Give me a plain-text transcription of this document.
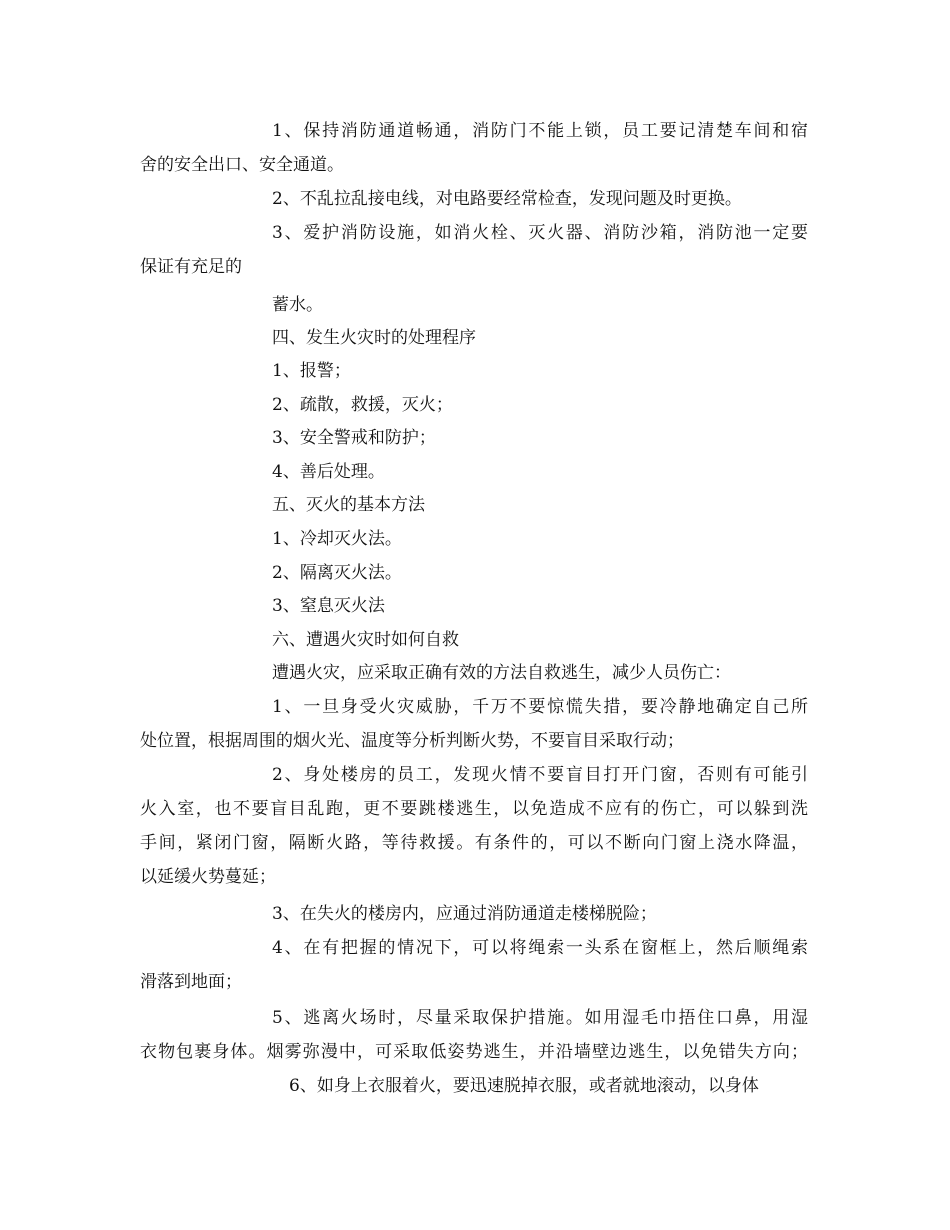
1、保持消防通道畅通，消防门不能上锁，员工要记清楚车间和宿
舍的安全出口、安全通道。
2、不乱拉乱接电线，对电路要经常检查，发现问题及时更换。
3、爱护消防设施，如消火栓、灭火器、消防沙箱，消防池一定要
保证有充足的
蓄水。
四、发生火灾时的处理程序
1、报警；
2、疏散，救援，灭火；
3、安全警戒和防护；
4、善后处理。
五、灭火的基本方法
1、冷却灭火法。
2、隔离灭火法。
3、窒息灭火法
六、遭遇火灾时如何自救
遭遇火灾，应采取正确有效的方法自救逃生，减少人员伤亡：
1、一旦身受火灾威胁，千万不要惊慌失措，要冷静地确定自己所
处位置，根据周围的烟火光、温度等分析判断火势，不要盲目采取行动；
2、身处楼房的员工，发现火情不要盲目打开门窗，否则有可能引
火入室，也不要盲目乱跑，更不要跳楼逃生，以免造成不应有的伤亡，可以躲到洗
手间，紧闭门窗，隔断火路，等待救援。有条件的，可以不断向门窗上浇水降温，
以延缓火势蔓延；
3、在失火的楼房内，应通过消防通道走楼梯脱险；
4、在有把握的情况下，可以将绳索一头系在窗框上，然后顺绳索
滑落到地面；
5、逃离火场时，尽量采取保护措施。如用湿毛巾捂住口鼻，用湿
衣物包裹身体。烟雾弥漫中，可采取低姿势逃生，并沿墙壁边逃生，以免错失方向；
6、如身上衣服着火，要迅速脱掉衣服，或者就地滚动，以身体
